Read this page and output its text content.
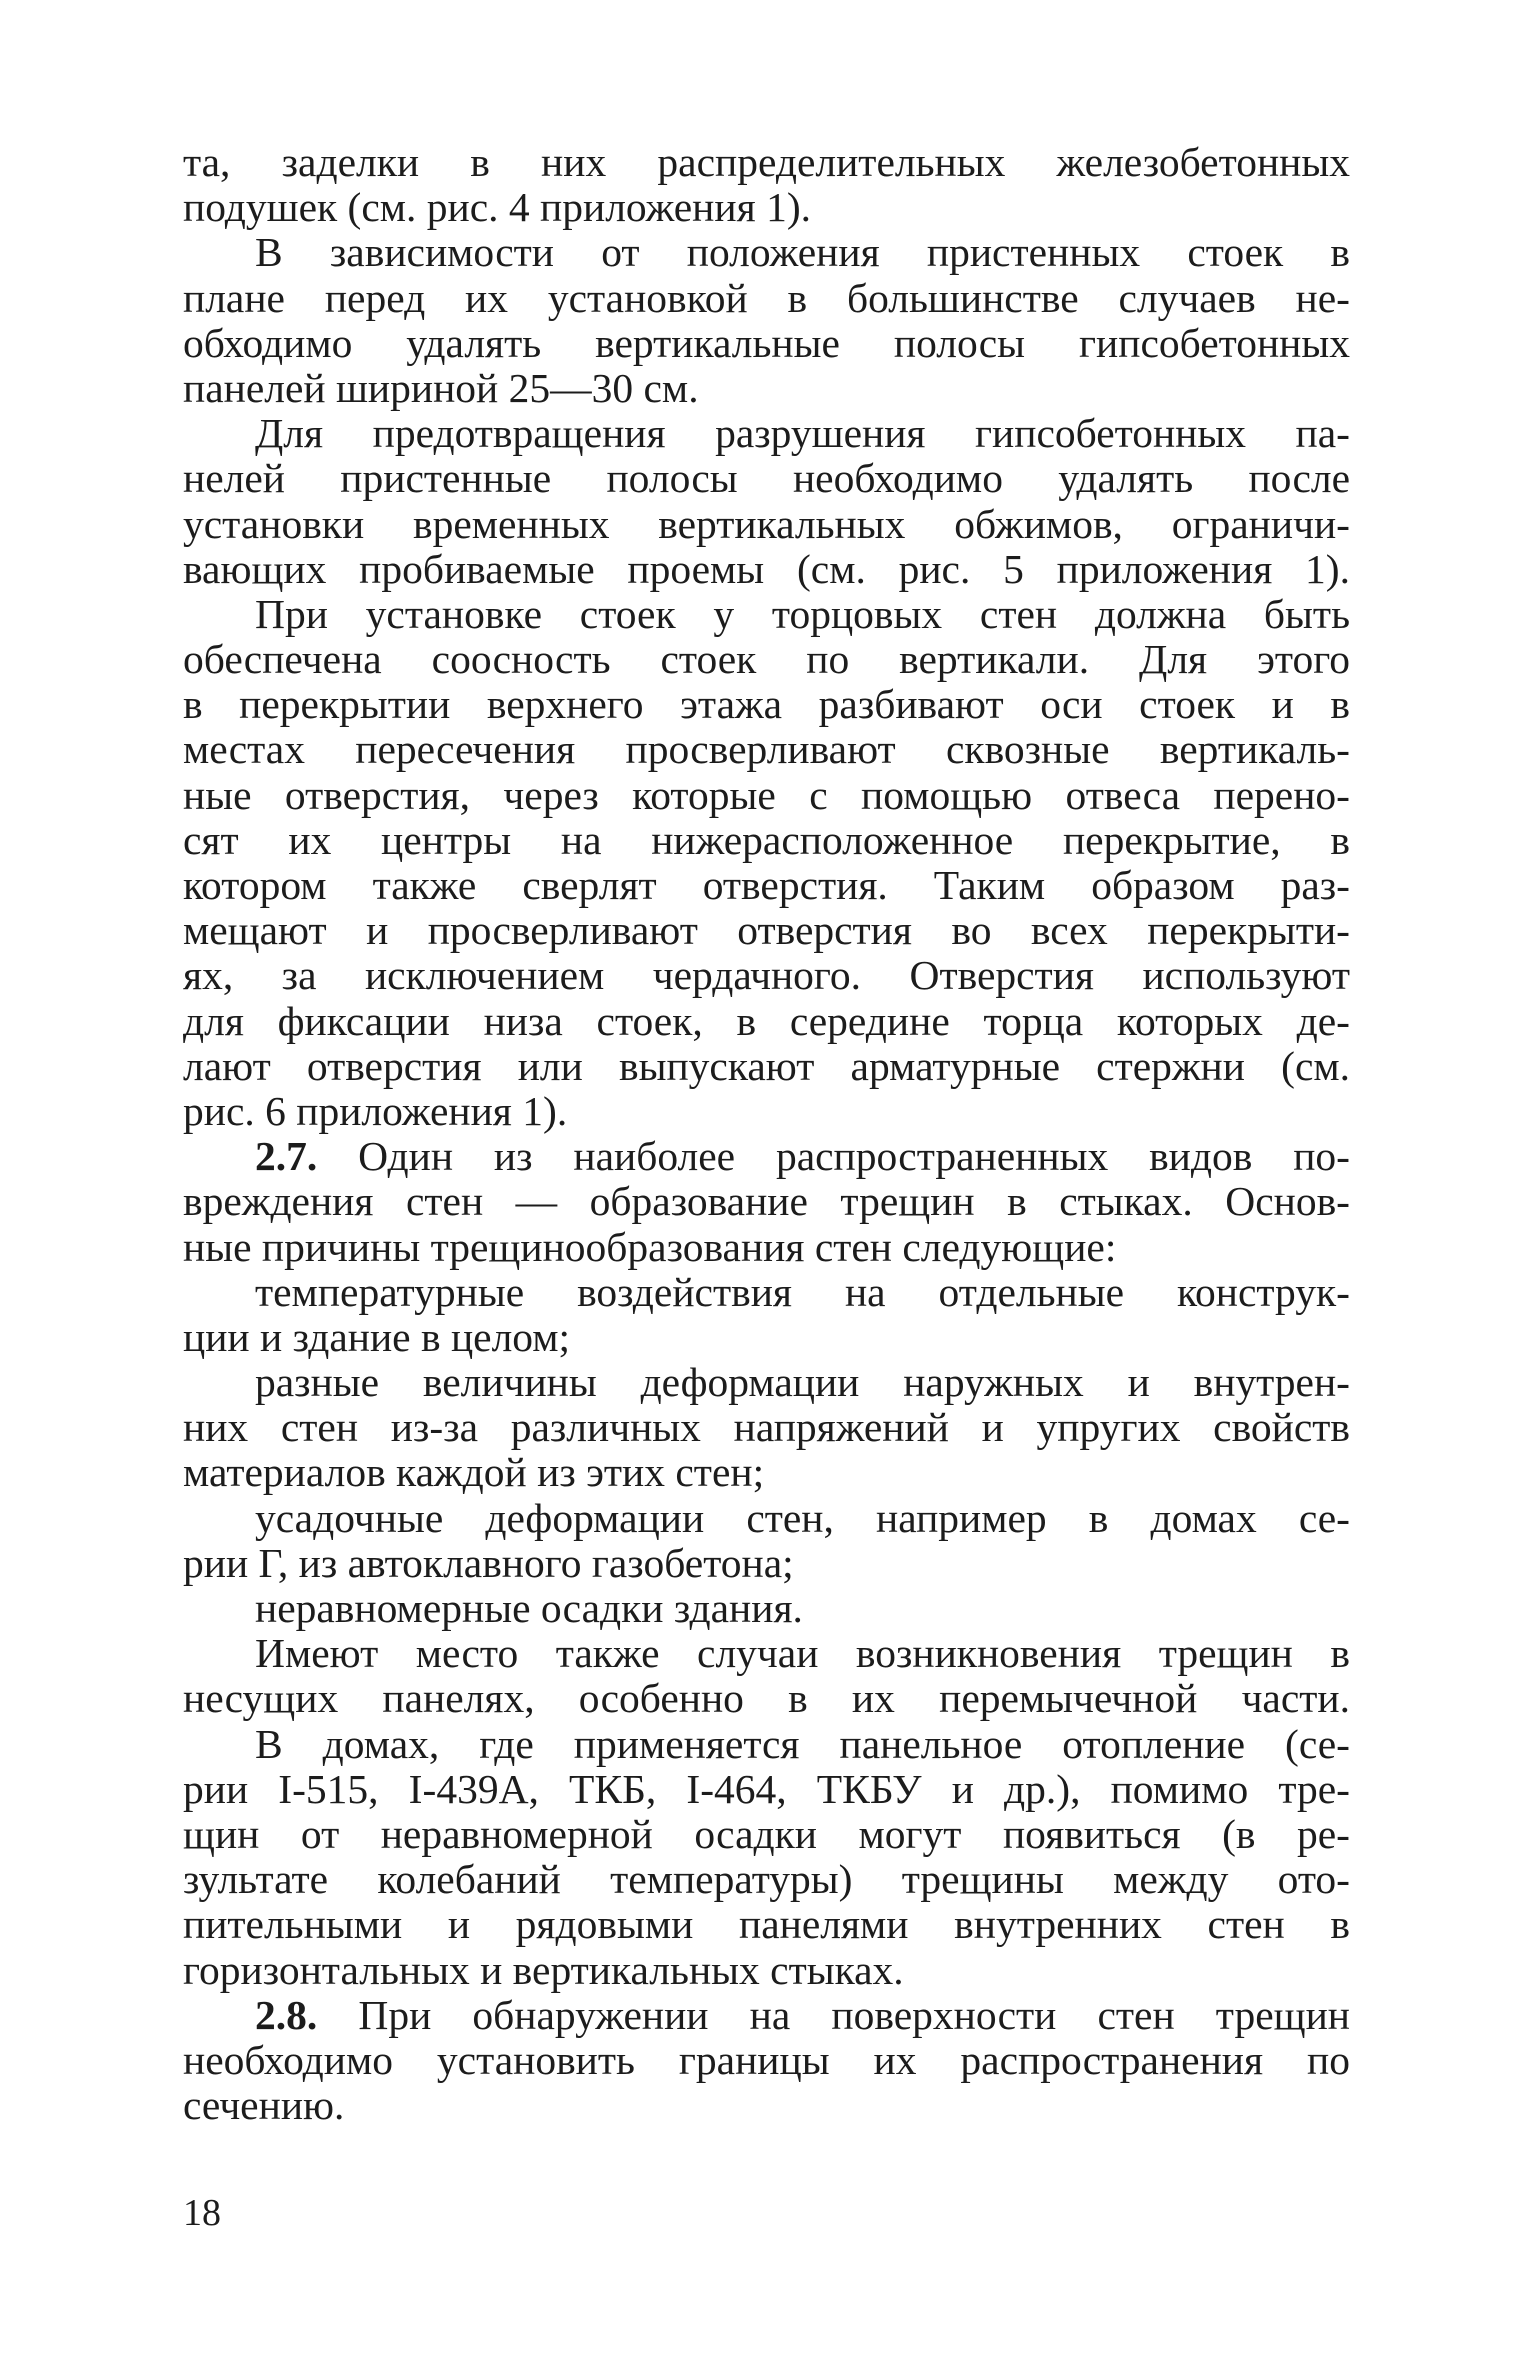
та, заделки в них распределительных железобетонных
подушек (см. рис. 4 приложения 1).
В зависимости от положения пристенных стоек в
плане перед их установкой в большинстве случаев не-
обходимо удалять вертикальные полосы гипсобетонных
панелей шириной 25—30 см.
Для предотвращения разрушения гипсобетонных па-
нелей пристенные полосы необходимо удалять после
установки временных вертикальных обжимов, ограничи-
вающих пробиваемые проемы (см. рис. 5 приложения 1).
При установке стоек у торцовых стен должна быть
обеспечена соосность стоек по вертикали. Для этого
в перекрытии верхнего этажа разбивают оси стоек и в
местах пересечения просверливают сквозные вертикаль-
ные отверстия, через которые с помощью отвеса перено-
сят их центры на нижерасположенное перекрытие, в
котором также сверлят отверстия. Таким образом раз-
мещают и просверливают отверстия во всех перекрыти-
ях, за исключением чердачного. Отверстия используют
для фиксации низа стоек, в середине торца которых де-
лают отверстия или выпускают арматурные стержни (см.
рис. 6 приложения 1).
2.7. Один из наиболее распространенных видов по-
вреждения стен — образование трещин в стыках. Основ-
ные причины трещинообразования стен следующие:
температурные воздействия на отдельные конструк-
ции и здание в целом;
разные величины деформации наружных и внутрен-
них стен из-за различных напряжений и упругих свойств
материалов каждой из этих стен;
усадочные деформации стен, например в домах се-
рии Г, из автоклавного газобетона;
неравномерные осадки здания.
Имеют место также случаи возникновения трещин в
несущих панелях, особенно в их перемычечной части.
В домах, где применяется панельное отопление (се-
рии I-515, I-439А, ТКБ, I-464, ТКБУ и др.), помимо тре-
щин от неравномерной осадки могут появиться (в ре-
зультате колебаний температуры) трещины между ото-
пительными и рядовыми панелями внутренних стен в
горизонтальных и вертикальных стыках.
2.8. При обнаружении на поверхности стен трещин
необходимо установить границы их распространения по
сечению.
18
